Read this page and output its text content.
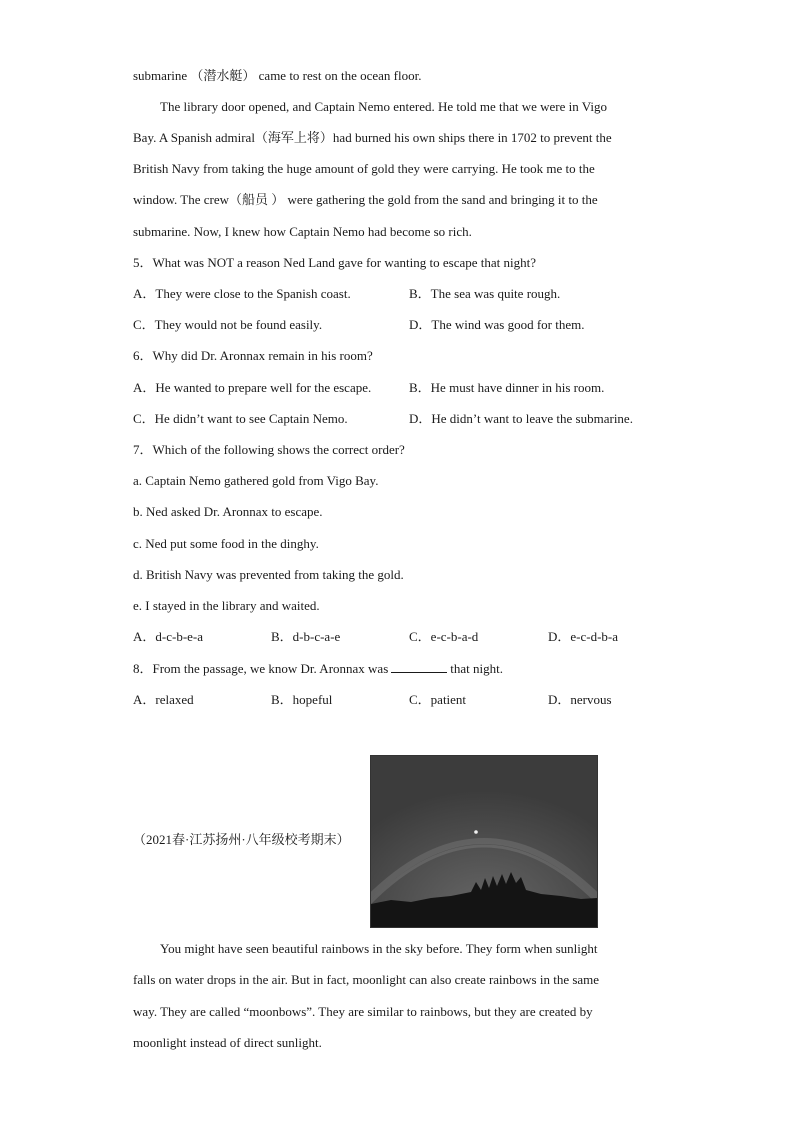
submarine （潜水艇） came to rest on the ocean floor.
The library door opened, and Captain Nemo entered. He told me that we were in Vigo
Bay. A Spanish admiral（海军上将）had burned his own ships there in 1702 to prevent the
British Navy from taking the huge amount of gold they were carrying. He took me to the
window. The crew（船员 ） were gathering the gold from the sand and bringing it to the
submarine. Now, I knew how Captain Nemo had become so rich.
5．What was NOT a reason Ned Land gave for wanting to escape that night?
A．They were close to the Spanish coast.	B．The sea was quite rough.
C．They would not be found easily.	D．The wind was good for them.
6．Why did Dr. Aronnax remain in his room?
A．He wanted to prepare well for the escape.	B．He must have dinner in his room.
C．He didn’t want to see Captain Nemo.	D．He didn’t want to leave the submarine.
7．Which of the following shows the correct order?
a. Captain Nemo gathered gold from Vigo Bay.
b. Ned asked Dr. Aronnax to escape.
c. Ned put some food in the dinghy.
d. British Navy was prevented from taking the gold.
e. I stayed in the library and waited.
A．d-c-b-e-a	B．d-b-c-a-e	C．e-c-b-a-d	D．e-c-d-b-a
8．From the passage, we know Dr. Aronnax was	that night.
A．relaxed	B．hopeful	C．patient	D．nervous
（2021春·江苏扬州·八年级校考期末）
You might have seen beautiful rainbows in the sky before. They form when sunlight
falls on water drops in the air. But in fact, moonlight can also create rainbows in the same
way. They are called “moonbows”. They are similar to rainbows, but they are created by
moonlight instead of direct sunlight.
